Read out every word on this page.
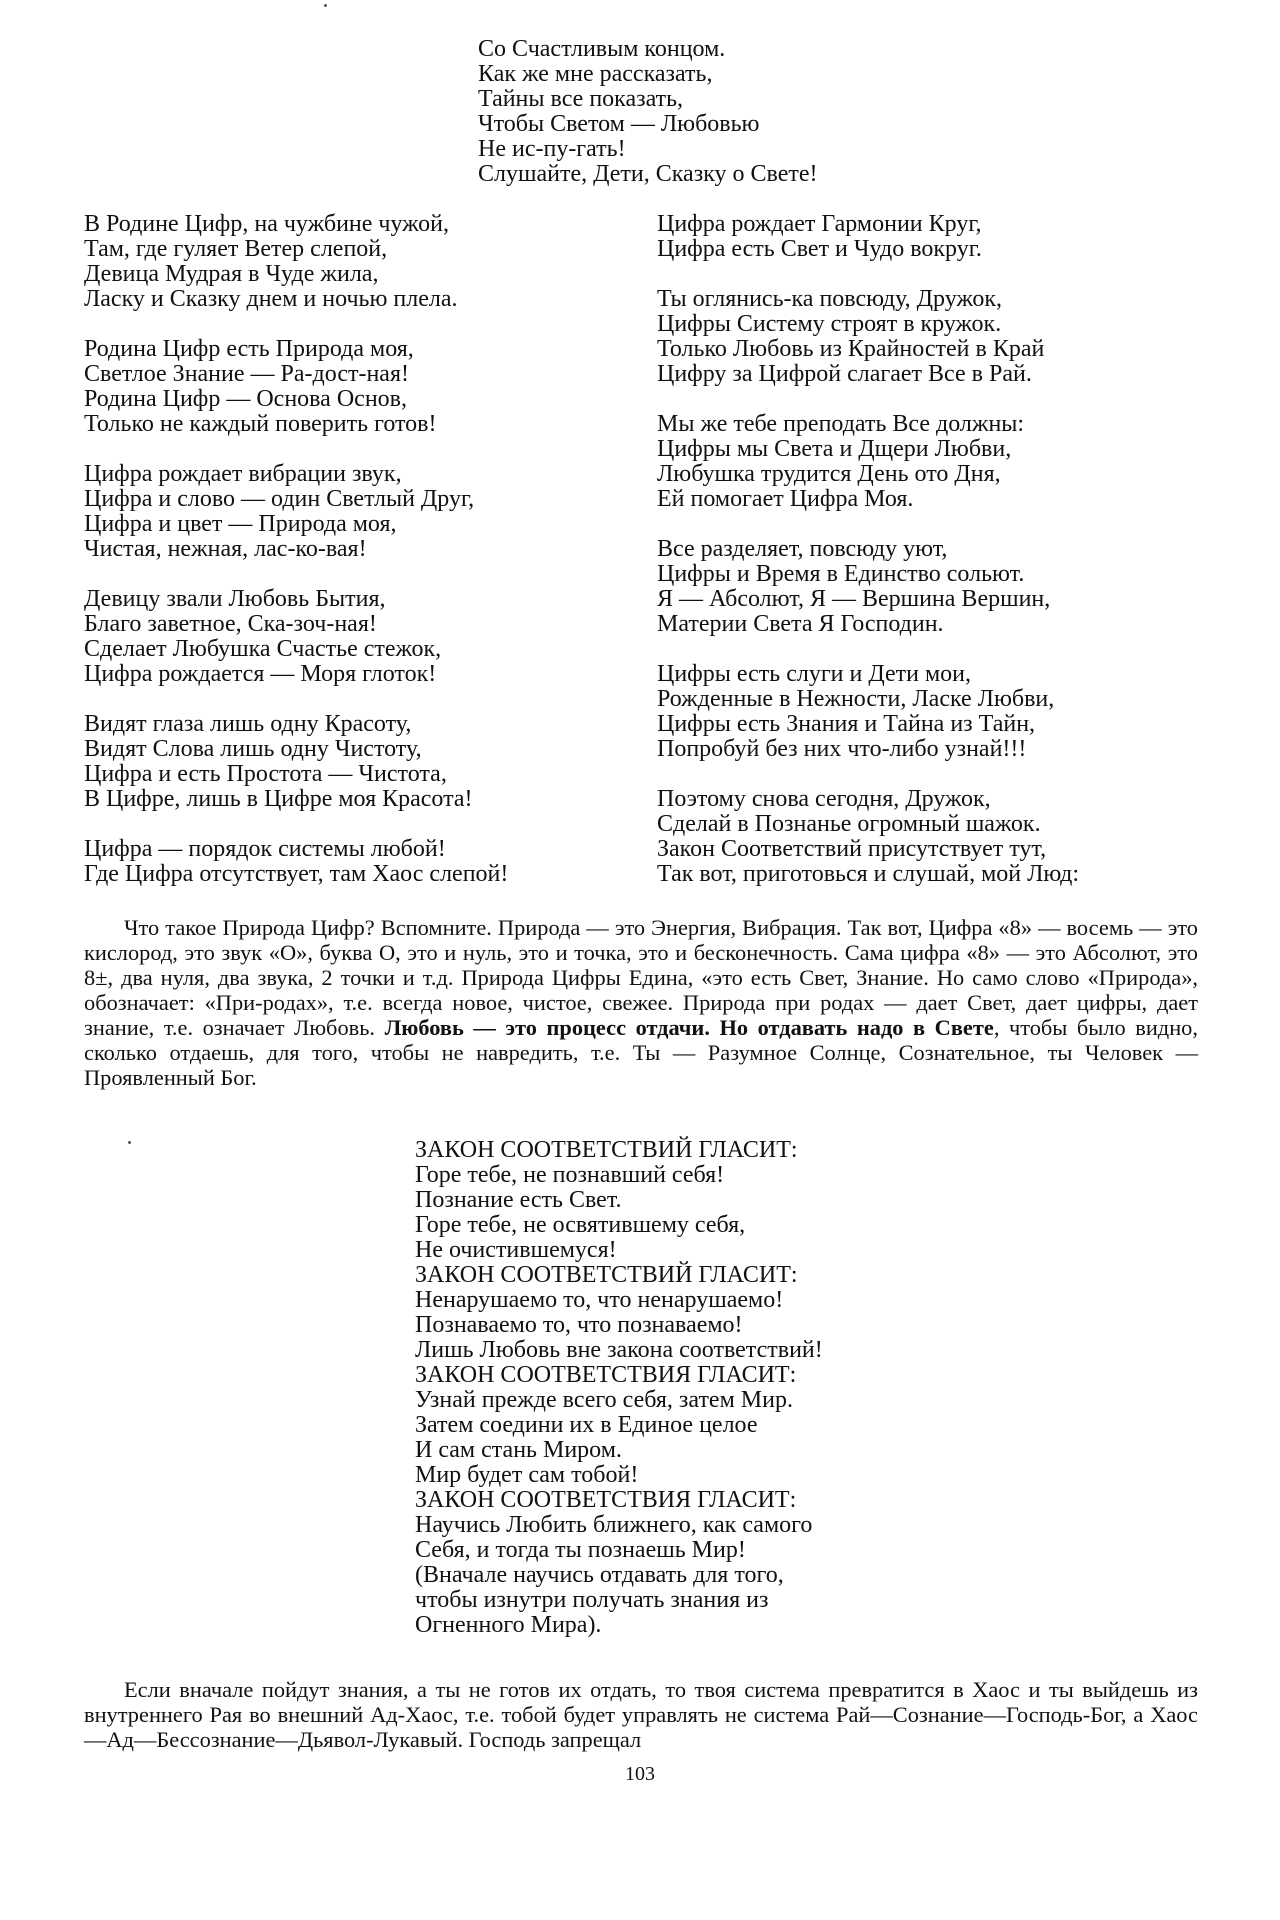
Со Счастливым концом.
Как же мне рассказать,
Тайны все показать,
Чтобы Светом — Любовью
Не ис-пу-гать!
Слушайте, Дети, Сказку о Свете!
В Родине Цифр, на чужбине чужой,
Там, где гуляет Ветер слепой,
Девица Мудрая в Чуде жила,
Ласку и Сказку днем и ночью плела.
Родина Цифр есть Природа моя,
Светлое Знание — Ра-дост-ная!
Родина Цифр — Основа Основ,
Только не каждый поверить готов!
Цифра рождает вибрации звук,
Цифра и слово — один Светлый Друг,
Цифра и цвет — Природа моя,
Чистая, нежная, лас-ко-вая!
Девицу звали Любовь Бытия,
Благо заветное, Ска-зоч-ная!
Сделает Любушка Счастье стежок,
Цифра рождается — Моря глоток!
Видят глаза лишь одну Красоту,
Видят Слова лишь одну Чистоту,
Цифра и есть Простота — Чистота,
В Цифре, лишь в Цифре моя Красота!
Цифра — порядок системы любой!
Где Цифра отсутствует, там Хаос слепой!
Цифра рождает Гармонии Круг,
Цифра есть Свет и Чудо вокруг.
Ты оглянись-ка повсюду, Дружок,
Цифры Систему строят в кружок.
Только Любовь из Крайностей в Край
Цифру за Цифрой слагает Все в Рай.
Мы же тебе преподать Все должны:
Цифры мы Света и Дщери Любви,
Любушка трудится День ото Дня,
Ей помогает Цифра Моя.
Все разделяет, повсюду уют,
Цифры и Время в Единство сольют.
Я — Абсолют, Я — Вершина Вершин,
Материи Света Я Господин.
Цифры есть слуги и Дети мои,
Рожденные в Нежности, Ласке Любви,
Цифры есть Знания и Тайна из Тайн,
Попробуй без них что-либо узнай!!!
Поэтому снова сегодня, Дружок,
Сделай в Познанье огромный шажок.
Закон Соответствий присутствует тут,
Так вот, приготовься и слушай, мой Люд:

Что такое Природа Цифр? Вспомните. Природа — это Энергия, Вибрация. Так вот, Цифра «8» — восемь — это кислород, это звук «О», буква О, это и нуль, это и точка, это и бесконечность. Сама цифра «8» — это Абсолют, это 8±, два нуля, два звука, 2 точки и т.д. Природа Цифры Едина, «это есть Свет, Знание. Но само слово «Природа», обозначает: «При-родах», т.е. всегда новое, чистое, свежее. Природа при родах — дает Свет, дает цифры, дает знание, т.е. означает Любовь. Любовь — это процесс отдачи. Но отдавать надо в Свете, чтобы было видно, сколько отдаешь, для того, чтобы не навредить, т.е. Ты — Разумное Солнце, Сознательное, ты Человек — Проявленный Бог.

ЗАКОН СООТВЕТСТВИЙ ГЛАСИТ:
Горе тебе, не познавший себя!
Познание есть Свет.
Горе тебе, не освятившему себя,
Не очистившемуся!
ЗАКОН СООТВЕТСТВИЙ ГЛАСИТ:
Ненарушаемо то, что ненарушаемо!
Познаваемо то, что познаваемо!
Лишь Любовь вне закона соответствий!
ЗАКОН СООТВЕТСТВИЯ ГЛАСИТ:
Узнай прежде всего себя, затем Мир.
Затем соедини их в Единое целое
И сам стань Миром.
Мир будет сам тобой!
ЗАКОН СООТВЕТСТВИЯ ГЛАСИТ:
Научись Любить ближнего, как самого
Себя, и тогда ты познаешь Мир!
(Вначале научись отдавать для того,
чтобы изнутри получать знания из
Огненного Мира).

Если вначале пойдут знания, а ты не готов их отдать, то твоя система превратится в Хаос и ты выйдешь из внутреннего Рая во внешний Ад-Хаос, т.е. тобой будет управлять не система Рай—Сознание—Господь-Бог, а Хаос—Ад—Бессознание—Дьявол-Лукавый. Господь запрещал

103
